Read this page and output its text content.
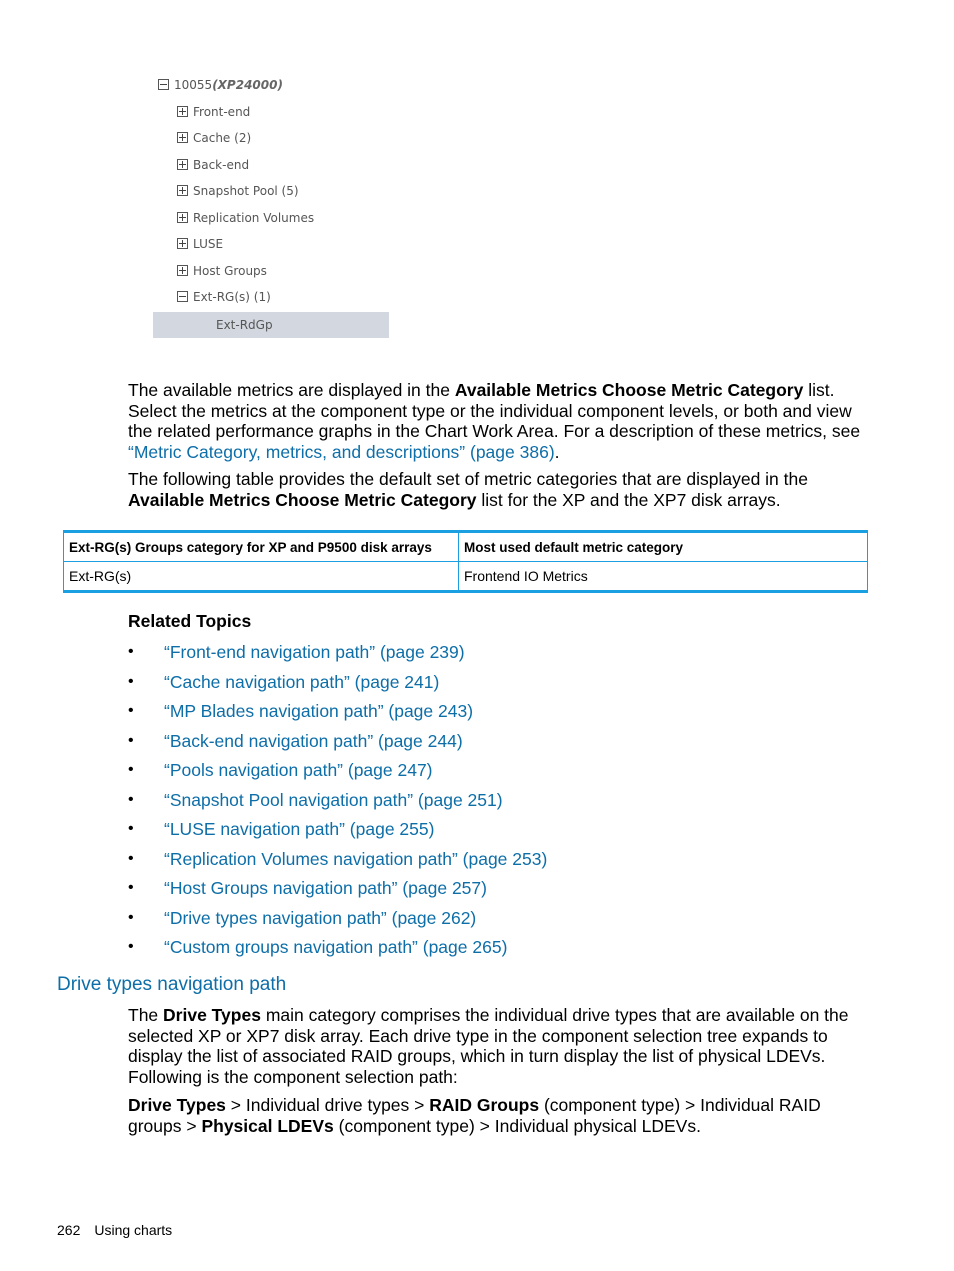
10055(XP24000)
Front-end
Cache (2)
Back-end
Snapshot Pool (5)
Replication Volumes
LUSE
Host Groups
Ext-RG(s) (1)
Ext-RdGp

The available metrics are displayed in the Available Metrics Choose Metric Category list. Select the metrics at the component type or the individual component levels, or both and view the related performance graphs in the Chart Work Area. For a description of these metrics, see “Metric Category, metrics, and descriptions” (page 386).

The following table provides the default set of metric categories that are displayed in the Available Metrics Choose Metric Category list for the XP and the XP7 disk arrays.

Ext-RG(s) Groups category for XP and P9500 disk arrays	Most used default metric category
Ext-RG(s)	Frontend IO Metrics
Related Topics
• “Front-end navigation path” (page 239)
• “Cache navigation path” (page 241)
• “MP Blades navigation path” (page 243)
• “Back-end navigation path” (page 244)
• “Pools navigation path” (page 247)
• “Snapshot Pool navigation path” (page 251)
• “LUSE navigation path” (page 255)
• “Replication Volumes navigation path” (page 253)
• “Host Groups navigation path” (page 257)
• “Drive types navigation path” (page 262)
• “Custom groups navigation path” (page 265)
Drive types navigation path

The Drive Types main category comprises the individual drive types that are available on the selected XP or XP7 disk array. Each drive type in the component selection tree expands to display the list of associated RAID groups, which in turn display the list of physical LDEVs. Following is the component selection path:

Drive Types > Individual drive types > RAID Groups (component type) > Individual RAID groups > Physical LDEVs (component type) > Individual physical LDEVs.

262 Using charts
